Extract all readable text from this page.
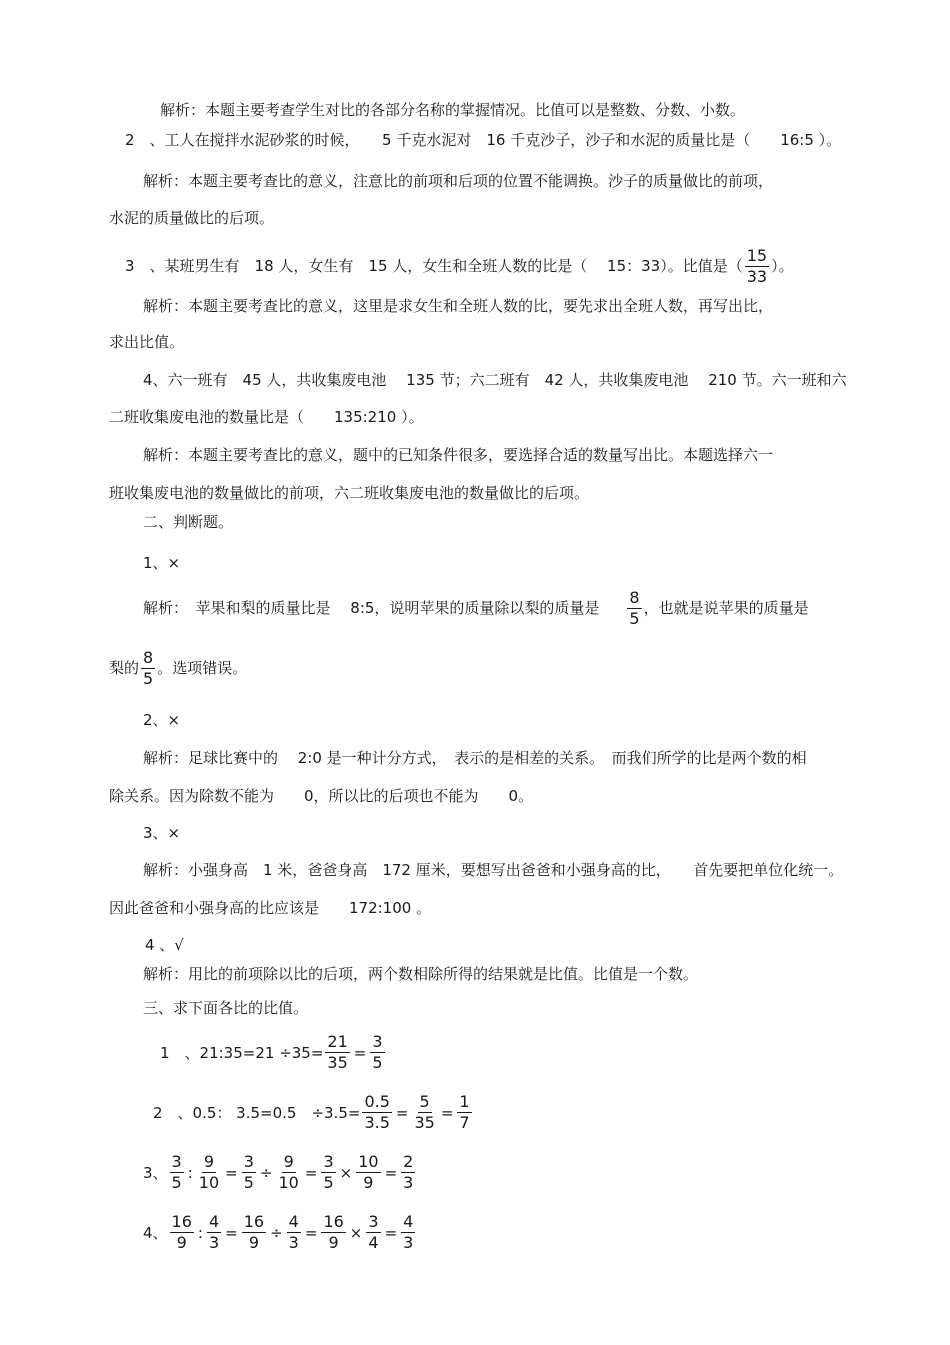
解析：本题主要考查学生对比的各部分名称的掌握情况。比值可以是整数、分数、小数。
2　、工人在搅拌水泥砂浆的时候，　　5 千克水泥对　16 千克沙子，沙子和水泥的质量比是（　　16:5 ）。
解析：本题主要考查比的意义，注意比的前项和后项的位置不能调换。沙子的质量做比的前项，
水泥的质量做比的后项。
3　、某班男生有　18 人，女生有　15 人，女生和全班人数的比是（　 15：33）。比值是（ $\frac{15}{33}$ ）。
解析：本题主要考查比的意义，这里是求女生和全班人数的比，要先求出全班人数，再写出比，
求出比值。
4、六一班有　45 人，共收集废电池　 135 节；六二班有　42 人，共收集废电池　 210 节。六一班和六
二班收集废电池的数量比是（　　135:210 ）。
解析：本题主要考查比的意义，题中的已知条件很多，要选择合适的数量写出比。本题选择六一
班收集废电池的数量做比的前项，六二班收集废电池的数量做比的后项。
二、判断题。
1、×
解析：　苹果和梨的质量比是　 8:5，说明苹果的质量除以梨的质量是 $\frac{8}{5}$ ，也就是说苹果的质量是
梨的 $\frac{8}{5}$ 。选项错误。
2、×
解析：足球比赛中的　 2:0 是一种计分方式，　表示的是相差的关系。　而我们所学的比是两个数的相
除关系。因为除数不能为　　0，所以比的后项也不能为　　0。
3、×
解析：小强身高　1 米，爸爸身高　172 厘米，要想写出爸爸和小强身高的比，　　首先要把单位化统一。
因此爸爸和小强身高的比应该是　　172:100 。
4 、√
解析：用比的前项除以比的后项，两个数相除所得的结果就是比值。比值是一个数。
三、求下面各比的比值。
1　、21:35=21 $\div 35= \frac{21}{35} = \frac{3}{5}$
2　、0.5： 3.5=0.5　$\div 3.5= \frac{0.5}{3.5} = \frac{5}{35} = \frac{1}{7}$
3、 $\frac{3}{5}$ : $\frac{9}{10} = \frac{3}{5} \div \frac{9}{10} = \frac{3}{5} \times \frac{10}{9} = \frac{2}{3}$
4、 $\frac{16}{9}$ : $\frac{4}{3} = \frac{16}{9} \div \frac{4}{3} = \frac{16}{9} \times \frac{3}{4} = \frac{4}{3}$
